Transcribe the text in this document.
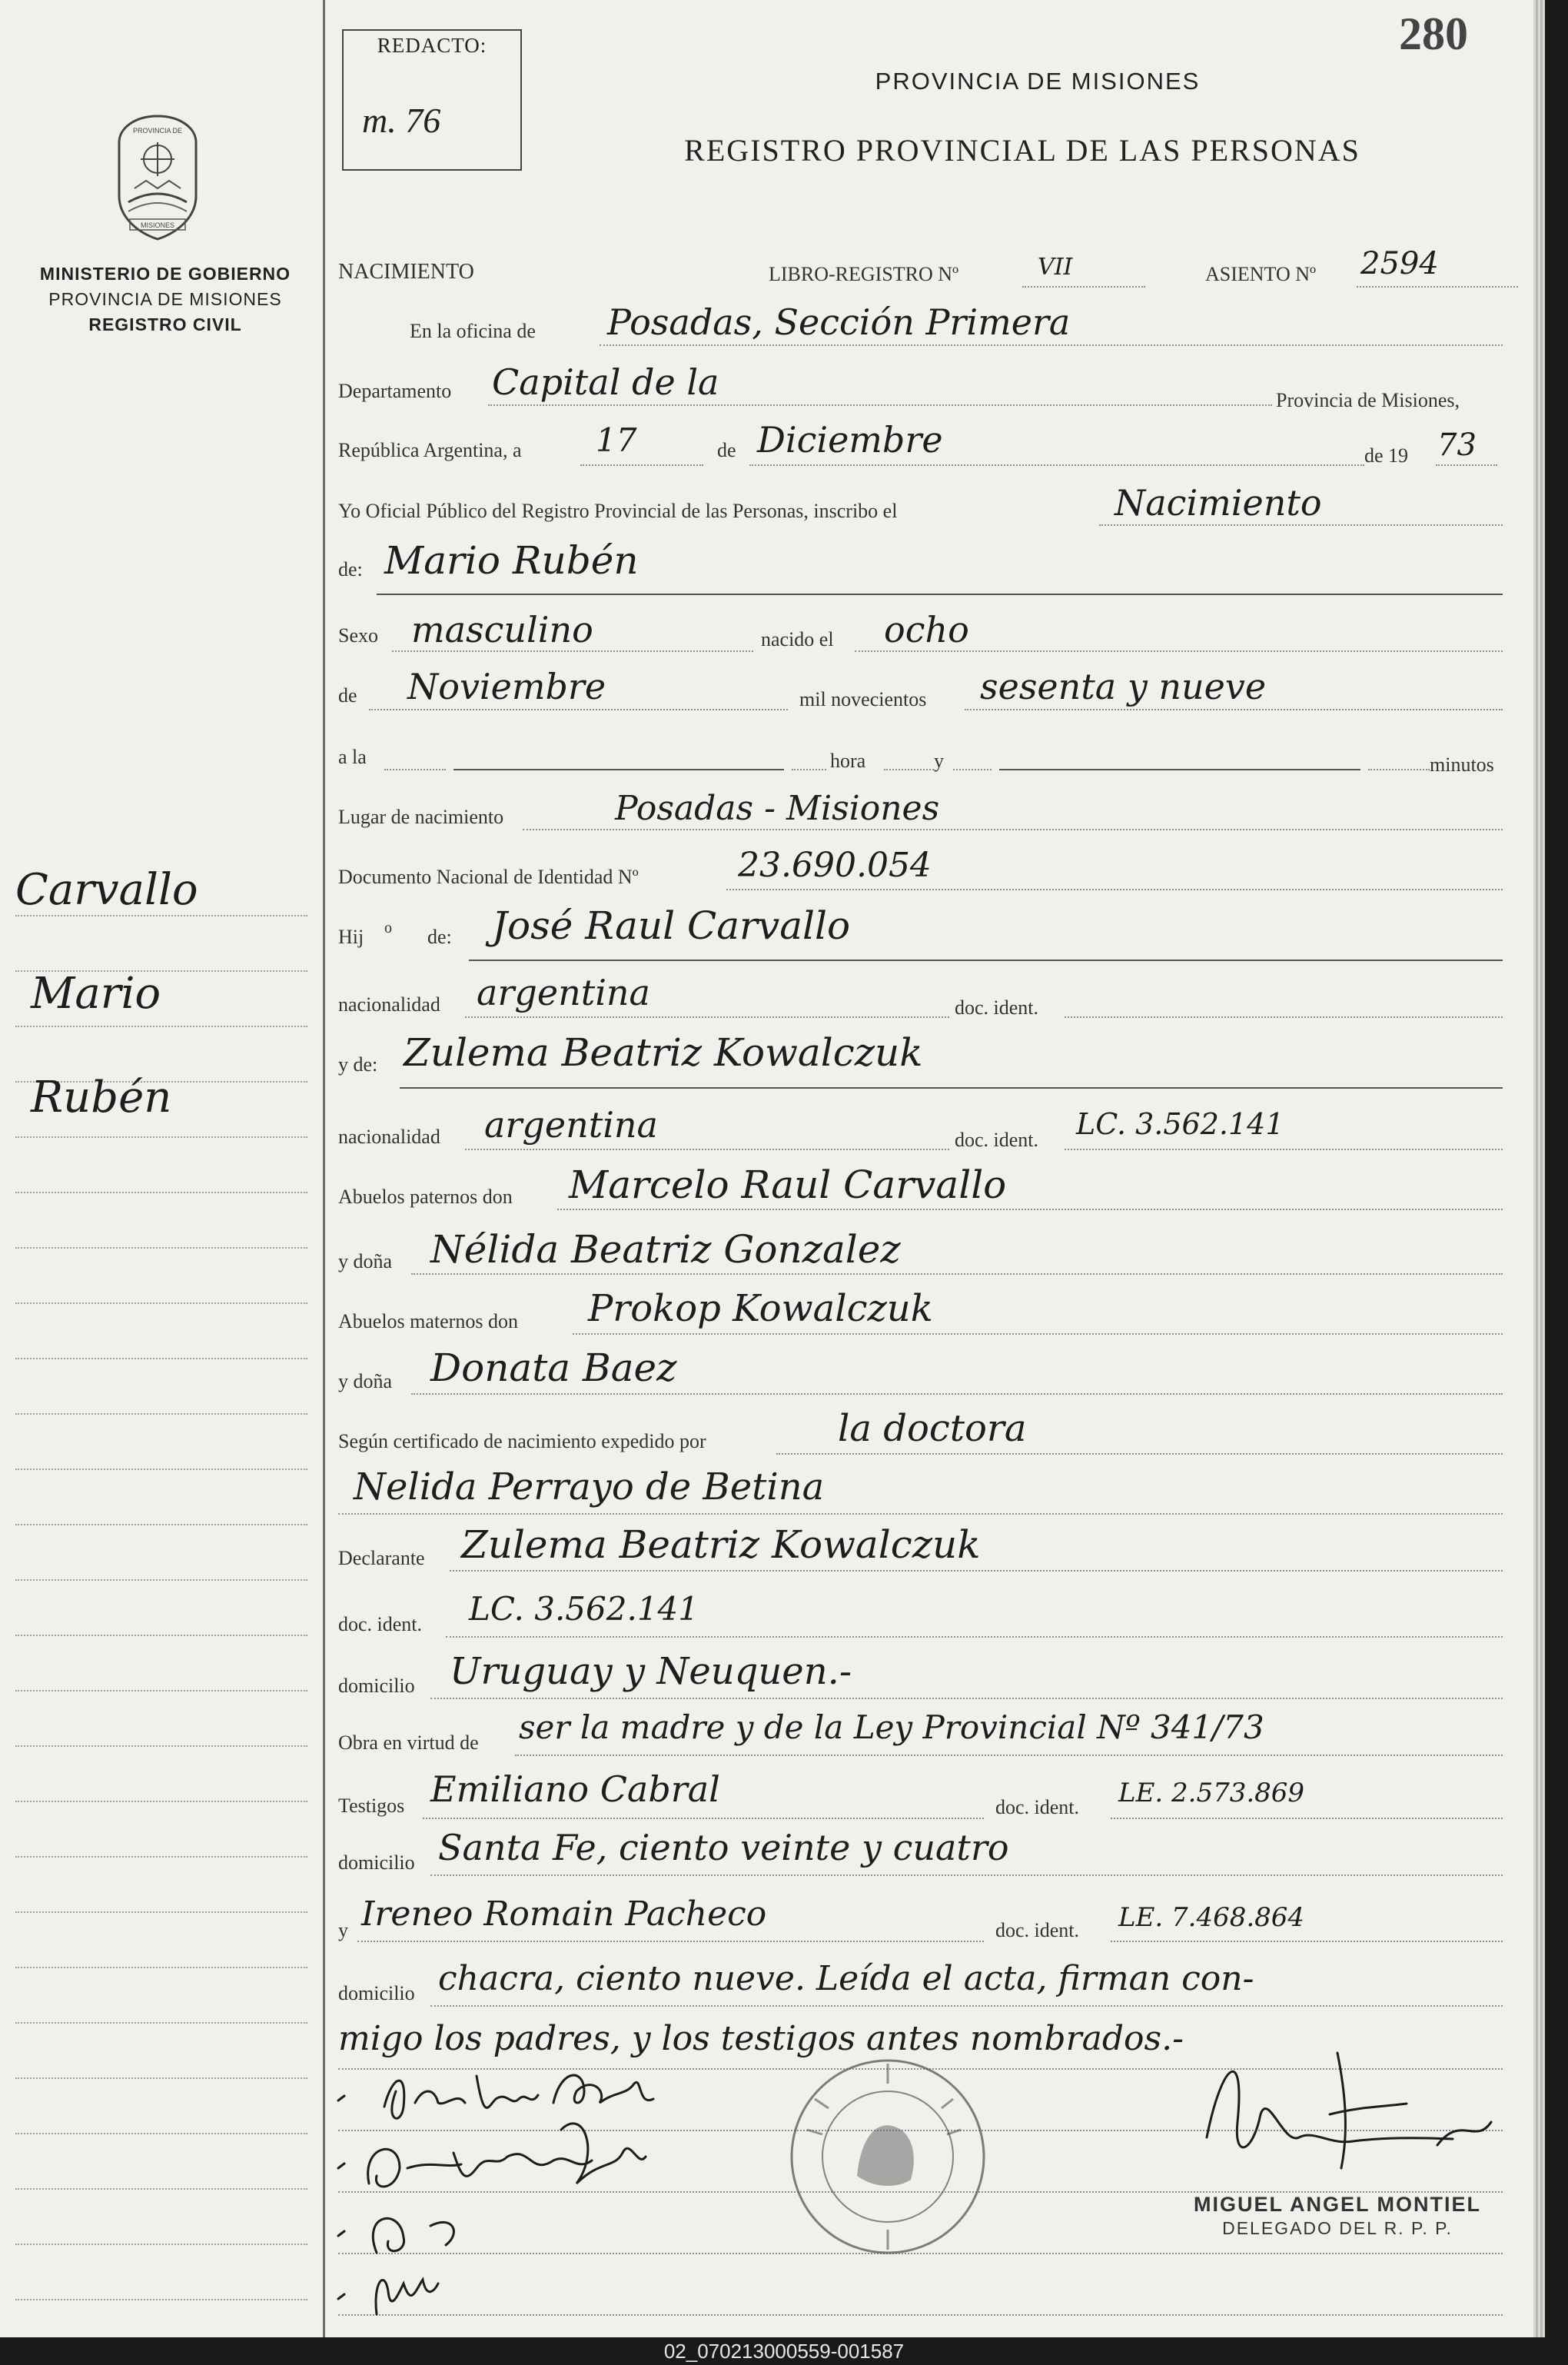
Carvallo
Mario
Rubén
PROVINCIA DE
MISIONES
MINISTERIO DE GOBIERNO
PROVINCIA DE MISIONES
REGISTRO CIVIL
REDACTO:
m. 76
280
PROVINCIA DE MISIONES
REGISTRO PROVINCIAL DE LAS PERSONAS
NACIMIENTO	LIBRO-REGISTRO Nº	VII	ASIENTO Nº 2594
En la oficina de Posadas, Sección Primera
Departamento Capital de la	Provincia de Misiones,
República Argentina, a 17	de Diciembre	de 19 73
Yo Oficial Público del Registro Provincial de las Personas, inscribo el	Nacimiento
de: Mario Rubén
Sexo masculino	nacido el ocho
de Noviembre	mil novecientos sesenta y nueve
a la	hora	y	minutos
Lugar de nacimiento	Posadas - Misiones
Documento Nacional de Identidad Nº	23.690.054
Hij o de: José Raul Carvallo
nacionalidad argentina	doc. ident.
y de: Zulema Beatriz Kowalczuk
nacionalidad argentina	doc. ident. LC. 3.562.141
Abuelos paternos don Marcelo Raul Carvallo
y doña Nélida Beatriz Gonzalez
Abuelos maternos don Prokop Kowalczuk
y doña Donata Baez
Según certificado de nacimiento expedido por	la doctora
Nelida Perrayo de Betina
Declarante Zulema Beatriz Kowalczuk
doc. ident. LC. 3.562.141
domicilio Uruguay y Neuquen.-
Obra en virtud de ser la madre y de la Ley Provincial Nº 341/73
Testigos Emiliano Cabral	doc. ident. LE. 2.573.869
domicilio Santa Fe, ciento veinte y cuatro
y Ireneo Romain Pacheco	doc. ident. LE. 7.468.864
domicilio chacra, ciento nueve. Leída el acta, firman con-
migo los padres, y los testigos antes nombrados.-
MIGUEL ANGEL MONTIEL
DELEGADO DEL R. P. P.
02_070213000559-001587
